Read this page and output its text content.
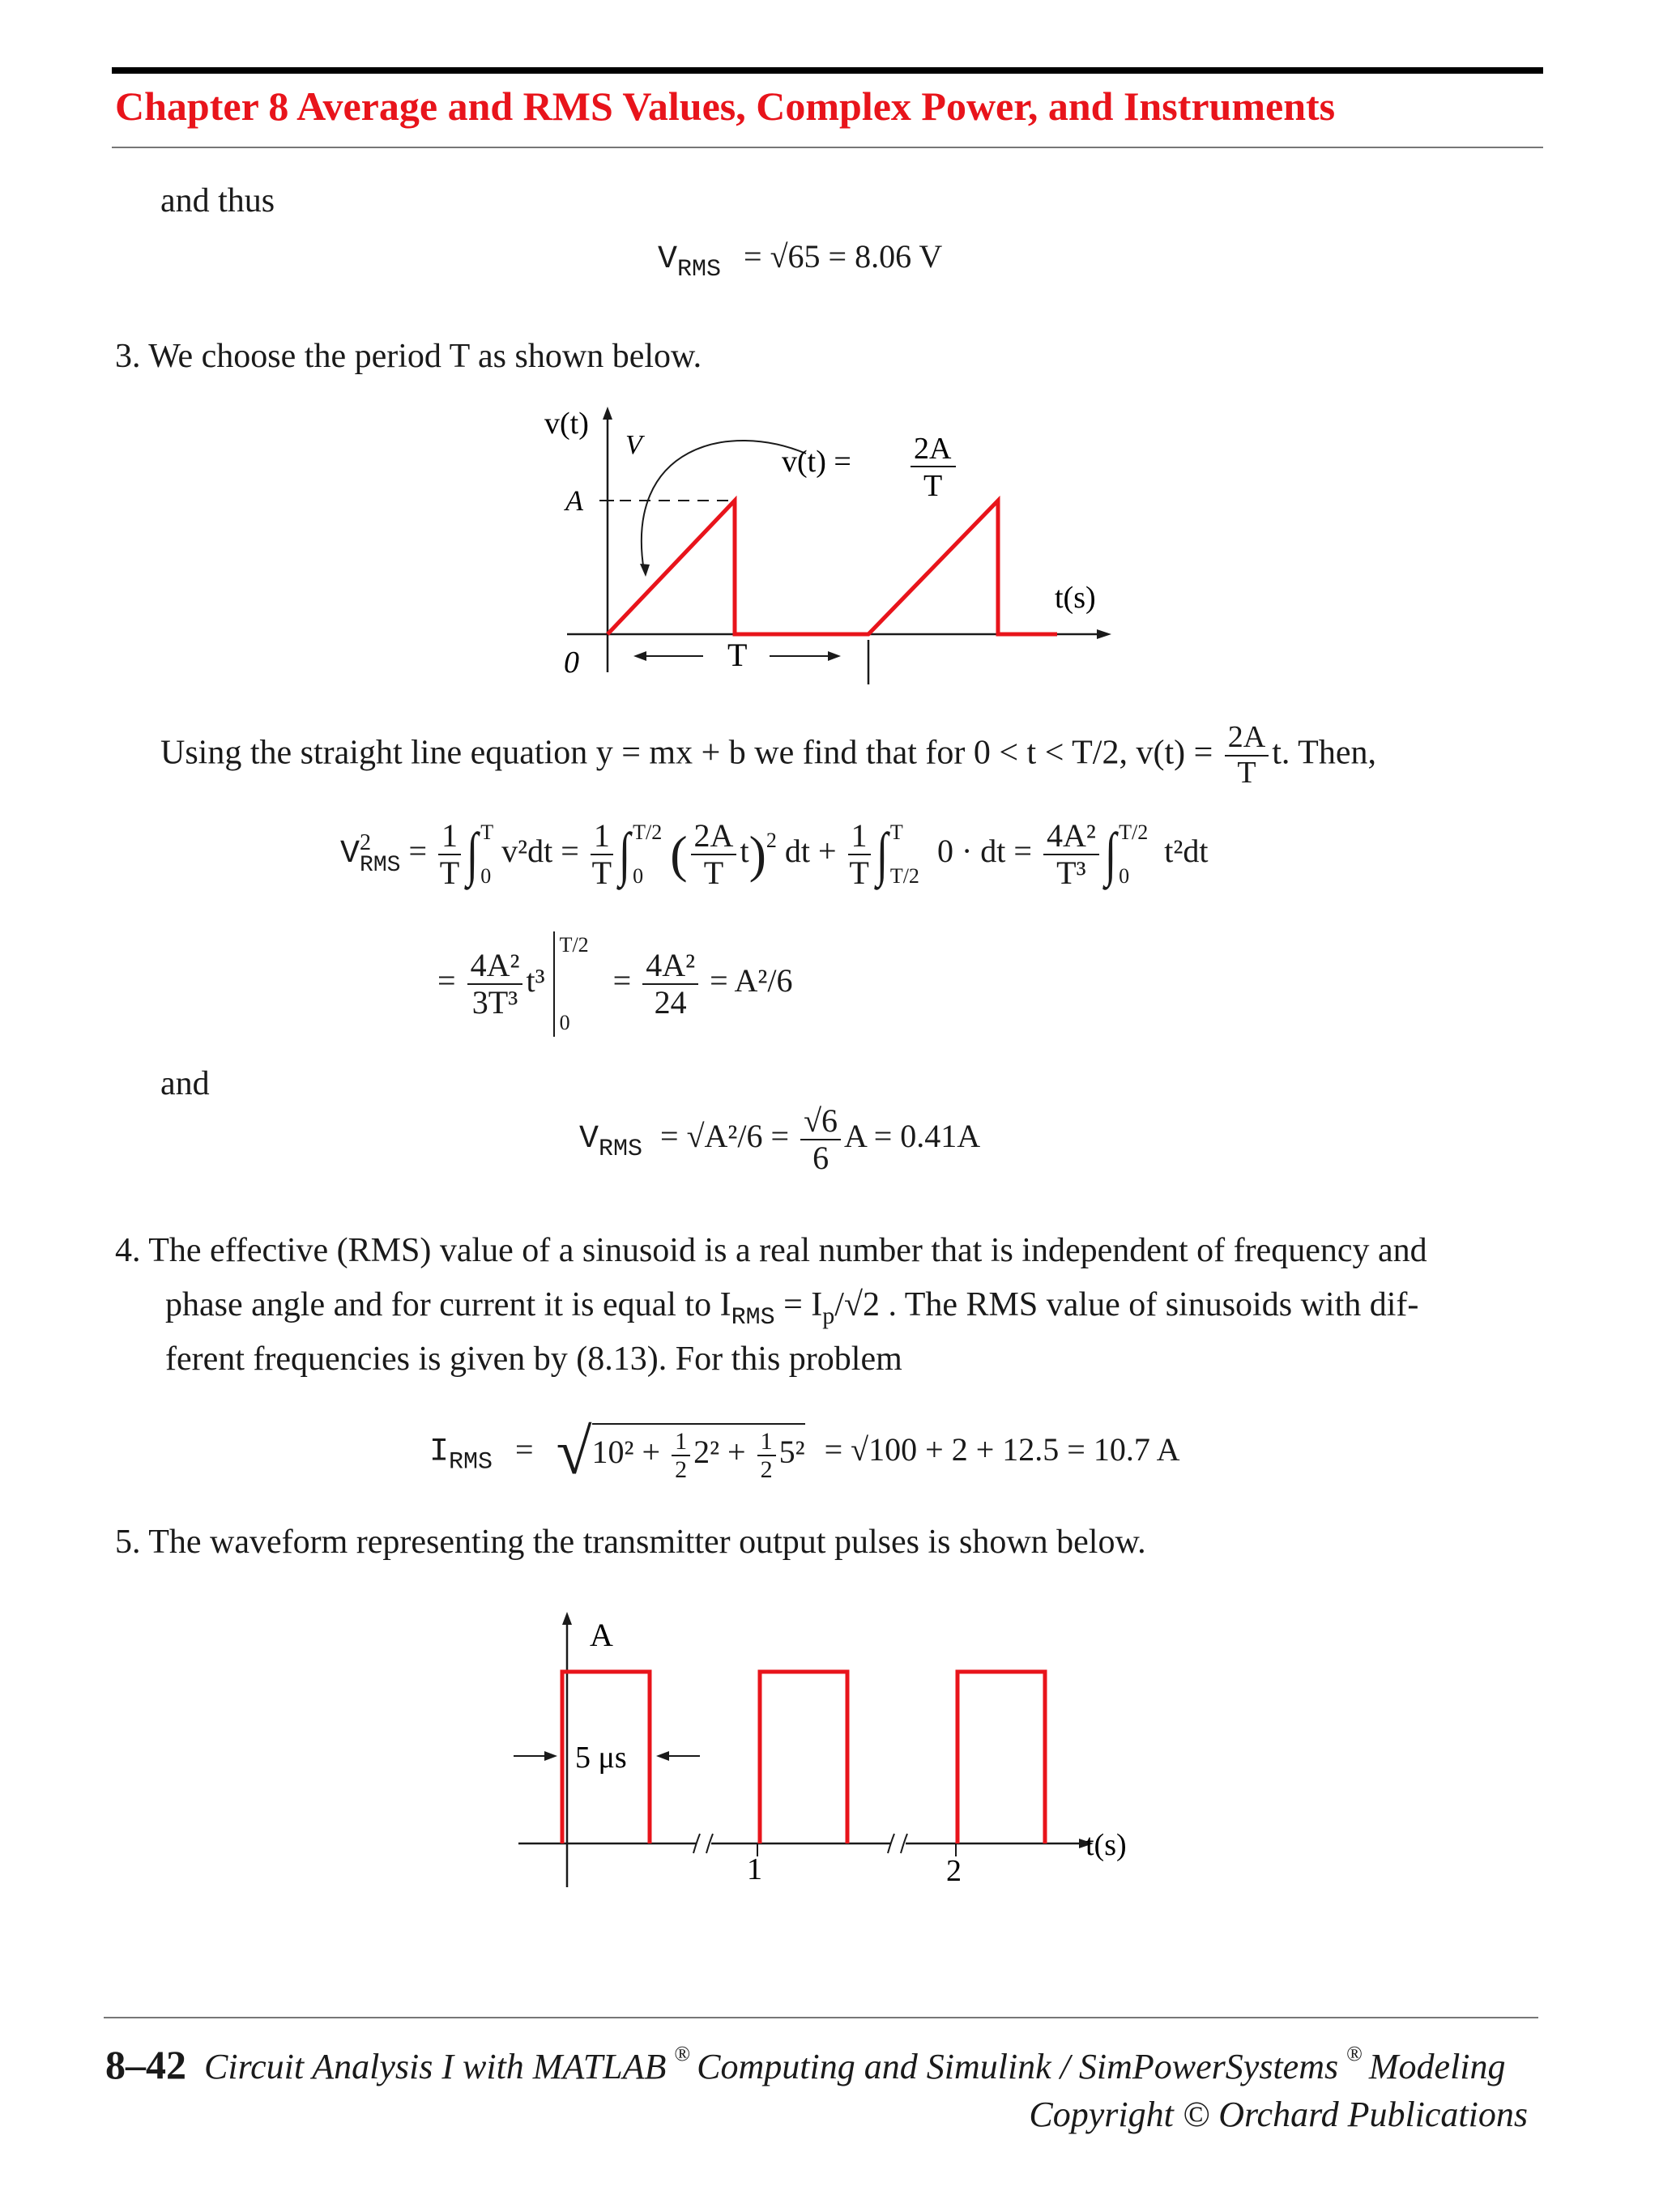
Chapter 8 Average and RMS Values, Complex Power, and Instruments
and thus
$V_{RMS} = √65 = 8.06$ V
3. We choose the period T as shown below.
v(t)
V
A
v(t) = 2A
T
t(s)
0	T
Using the straight line equation y = mx + b we find that for 0 < t < T/2, $v(t) = \frac{2A}{T} t$. Then,
V 2
RMS = $\frac{1}{T}$ ∫ T
0
$v^2dt = \frac{1}{T}$ ∫ T/2
0 ( $\frac{2A}{T} t)^2$ dt + $\frac{1}{T}$ ∫ T
T/2
0 · dt = $\frac{\text{4A²}}{\text{T³}}$ ∫ T/2
0
t²dt
= $\frac{\text{4A²}}{\text{3T³}} t^3$
T/2
0
= $\frac{\text{4A²}}{24} = A^2/6$
and
$V_{RMS} = √A^2/6 = \frac{√6}{6}$ A = 0.41A
4. The effective (RMS) value of a sinusoid is a real number that is independent of frequency and
phase angle and for current it is equal to $I_{RMS} = I_p/√2$ . The RMS value of sinusoids with dif-
ferent frequencies is given by (8.13). For this problem
$I_{RMS} = √10^2 + \frac{1}{2} 2^2 + \frac{1}{2} 5^2 = √100 + 2 + 12.5 = 10.7$ A
5. The waveform representing the transmitter output pulses is shown below.
A
5 μs
t(s)
1	2
8–42 Circuit Analysis I with MATLAB ® Computing and Simulink / SimPowerSystems ® Modeling
Copyright © Orchard Publications
